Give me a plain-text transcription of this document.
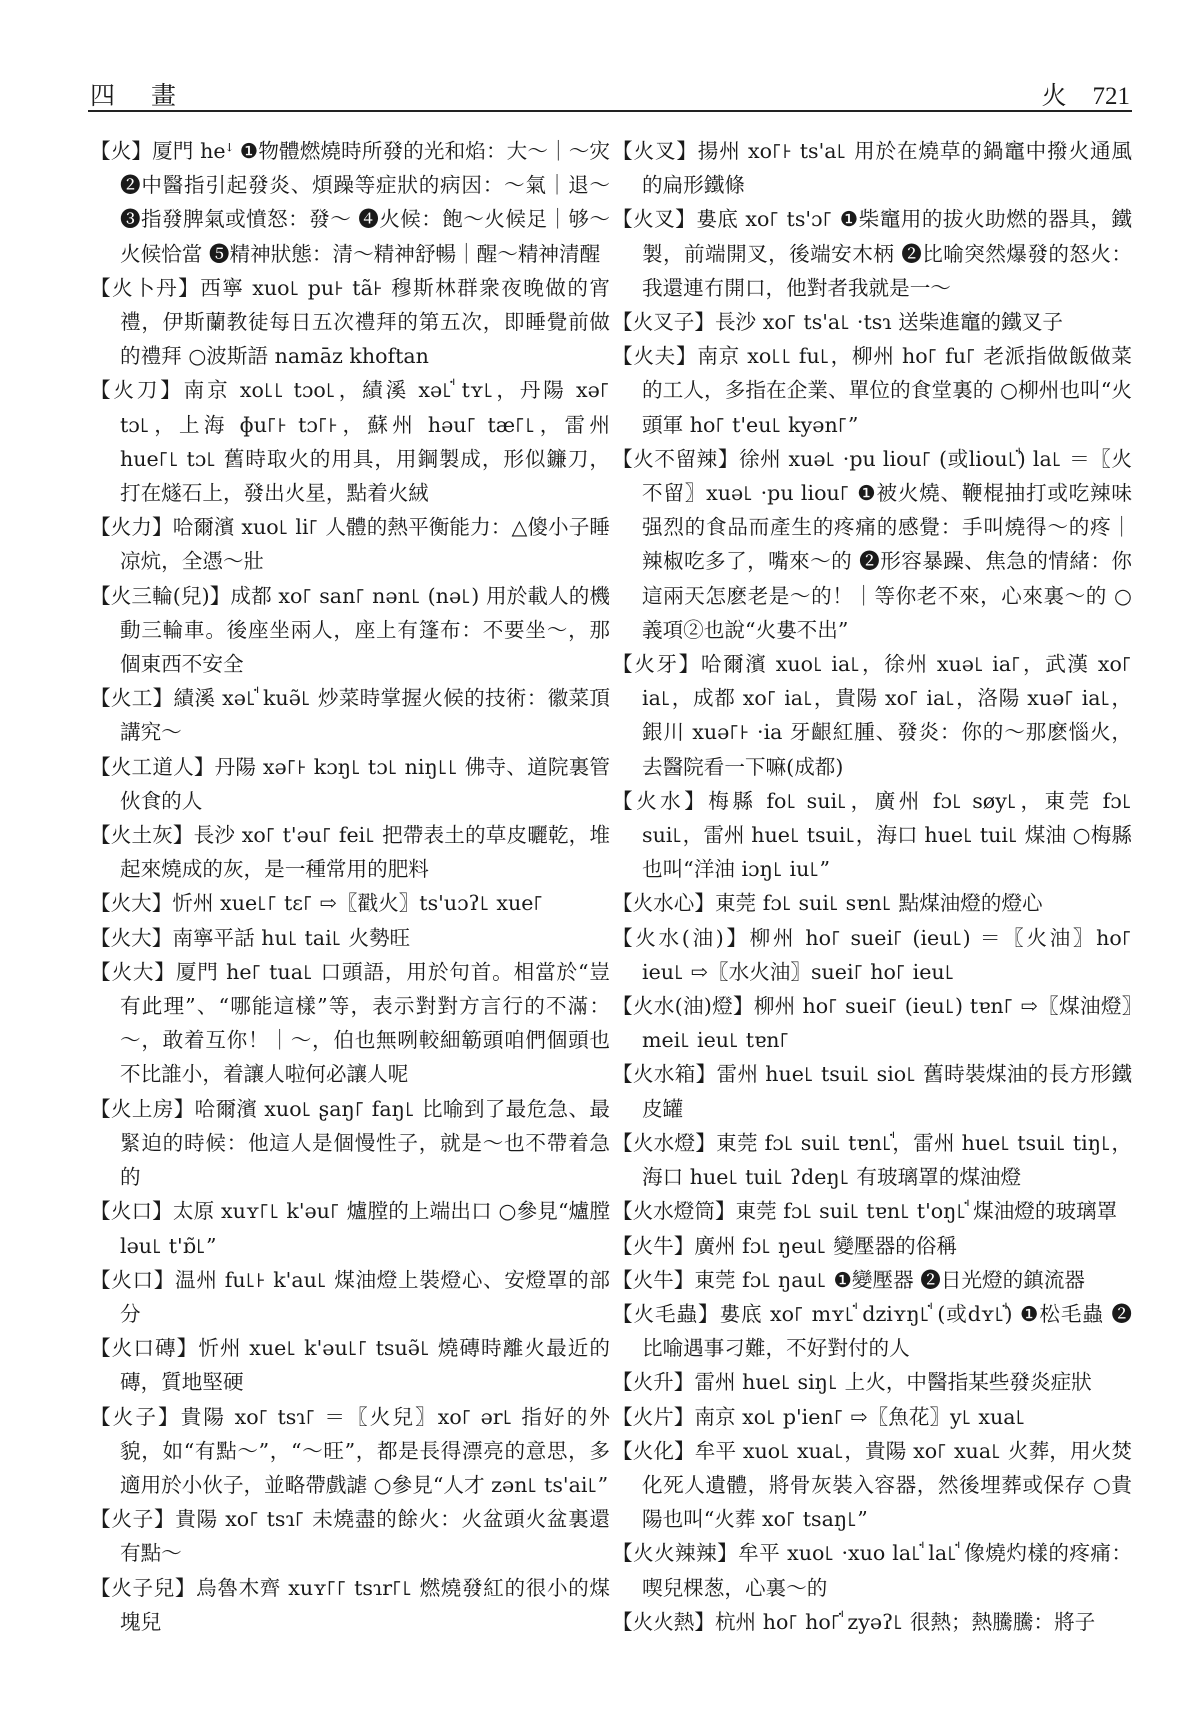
四 畫	火 721

【火】厦門 heꜜ ❶物體燃燒時所發的光和焰：大～｜～灾 ❷中醫指引起發炎、煩躁等症狀的病因：～氣｜退～ ❸指發脾氣或憤怒：發～ ❹火候：飽～火候足｜够～火候恰當 ❺精神狀態：清～精神舒暢｜醒～精神清醒

【火卜丹】西寧 xuo꜖ pu꜔ tã꜔ 穆斯林群衆夜晚做的宵禮，伊斯蘭教徒每日五次禮拜的第五次，即睡覺前做的禮拜 ○波斯語 namāz khoftan

【火刀】南京 xo꜖꜖ tɔo꜖，績溪 xə꜖ꜗ tʏ꜖，丹陽 xə꜒ tɔ꜖，上海 ɸu꜒꜔ tɔ꜒꜔，蘇州 həu꜒ tæ꜒꜖，雷州 hue꜒꜖ tɔ꜖ 舊時取火的用具，用鋼製成，形似鐮刀，打在燧石上，發出火星，點着火絨

【火力】哈爾濱 xuo꜖ li꜒ 人體的熱平衡能力：△傻小子睡凉炕，全憑～壯

【火三輪(兒)】成都 xo꜒ san꜒ nən꜖ (nə꜖) 用於載人的機動三輪車。後座坐兩人，座上有篷布：不要坐～，那個東西不安全

【火工】績溪 xə꜖ꜗ kuə̃꜖ 炒菜時掌握火候的技術：徽菜頂講究～

【火工道人】丹陽 xə꜒꜔ kɔŋ꜖ tɔ꜖ niŋ꜖꜖ 佛寺、道院裏管伙食的人

【火土灰】長沙 xo꜒ t'əu꜒ fei꜖ 把帶表土的草皮曬乾，堆起來燒成的灰，是一種常用的肥料

【火大】忻州 xue꜖꜒ tɛ꜒ ⇨〖戳火〗ts'uɔʔ꜖ xue꜒

【火大】南寧平話 hu꜖ tai꜖ 火勢旺

【火大】厦門 he꜒ tua꜖ 口頭語，用於句首。相當於“豈有此理”、“哪能這樣”等，表示對對方言行的不滿：～，敢着互你！｜～，伯也無咧較細簕頭咱們個頭也不比誰小，着讓人啦何必讓人呢

【火上房】哈爾濱 xuo꜖ ʂaŋ꜒ faŋ꜖ 比喻到了最危急、最緊迫的時候：他這人是個慢性子，就是～也不帶着急的

【火口】太原 xuʏ꜒꜖ k'əu꜒ 爐膛的上端出口 ○參見“爐膛 ləu꜖ t'ɒ̃꜖”

【火口】温州 fu꜖꜔ k'au꜖ 煤油燈上裝燈心、安燈罩的部分

【火口磚】忻州 xue꜖ k'əu꜖꜒ tsuə̃꜖ 燒磚時離火最近的磚，質地堅硬

【火子】貴陽 xo꜒ tsɿ꜒ ＝〖火兒〗xo꜒ ər꜖ 指好的外貌，如“有點～”，“～旺”，都是長得漂亮的意思，多適用於小伙子，並略帶戲謔 ○參見“人才 zən꜖ ts'ai꜖”

【火子】貴陽 xo꜒ tsɿ꜒ 未燒盡的餘火：火盆頭火盆裏還有點～

【火子兒】烏魯木齊 xuʏ꜒꜒ tsɿr꜒꜖ 燃燒發紅的很小的煤塊兒

【火叉】揚州 xo꜒꜔ ts'a꜖ 用於在燒草的鍋竈中撥火通風的扁形鐵條

【火叉】婁底 xo꜒ ts'ɔ꜒ ❶柴竈用的拔火助燃的器具，鐵製，前端開叉，後端安木柄 ❷比喻突然爆發的怒火：我還連冇開口，他對者我就是一～

【火叉子】長沙 xo꜒ ts'a꜖ ·tsɿ 送柴進竈的鐵叉子

【火夫】南京 xo꜖꜖ fu꜖，柳州 ho꜒ fu꜒ 老派指做飯做菜的工人，多指在企業、單位的食堂裏的 ○柳州也叫“火頭軍 ho꜒ t'eu꜖ kyən꜒”

【火不留辣】徐州 xuə꜖ ·pu liou꜒ (或liou꜖ꜗ) la꜖ ＝〖火不留〗xuə꜖ ·pu liou꜒ ❶被火燒、鞭棍抽打或吃辣味强烈的食品而產生的疼痛的感覺：手叫燒得～的疼｜辣椒吃多了，嘴來～的 ❷形容暴躁、焦急的情緒：你這兩天怎麽老是～的！｜等你老不來，心來裏～的 ○義項②也說“火婁不出”

【火牙】哈爾濱 xuo꜖ ia꜖，徐州 xuə꜖ ia꜒，武漢 xo꜒ ia꜖，成都 xo꜒ ia꜖，貴陽 xo꜒ ia꜖，洛陽 xuə꜒ ia꜖，銀川 xuə꜒꜔ ·ia 牙齦紅腫、發炎：你的～那麽惱火，去醫院看一下嘛(成都)

【火水】梅縣 fo꜖ sui꜖，廣州 fɔ꜖ søy꜖，東莞 fɔ꜖ sui꜖，雷州 hue꜖ tsui꜖，海口 hue꜖ tui꜖ 煤油 ○梅縣也叫“洋油 iɔŋ꜖ iu꜖”

【火水心】東莞 fɔ꜖ sui꜖ sɐn꜖ 點煤油燈的燈心

【火水(油)】柳州 ho꜒ suei꜒ (ieu꜖) ＝〖火油〗ho꜒ ieu꜖ ⇨〖水火油〗suei꜒ ho꜒ ieu꜖

【火水(油)燈】柳州 ho꜒ suei꜒ (ieu꜖) tɐn꜒ ⇨〖煤油燈〗mei꜖ ieu꜖ tɐn꜒

【火水箱】雷州 hue꜖ tsui꜖ sio꜖ 舊時裝煤油的長方形鐵皮罐

【火水燈】東莞 fɔ꜖ sui꜖ tɐn꜖ꜗ，雷州 hue꜖ tsui꜖ tiŋ꜖，海口 hue꜖ tui꜖ ʔdeŋ꜖ 有玻璃罩的煤油燈

【火水燈筒】東莞 fɔ꜖ sui꜖ tɐn꜖ t'oŋ꜖ꜗ 煤油燈的玻璃罩

【火牛】廣州 fɔ꜖ ŋeu꜖ 變壓器的俗稱

【火牛】東莞 fɔ꜖ ŋau꜖ ❶變壓器 ❷日光燈的鎮流器

【火毛蟲】婁底 xo꜒ mʏ꜖ꜗ dziʏŋ꜖ꜗ (或dʏ꜖ꜗ) ❶松毛蟲 ❷比喻遇事刁難，不好對付的人

【火升】雷州 hue꜖ siŋ꜖ 上火，中醫指某些發炎症狀

【火片】南京 xo꜖ p'ien꜒ ⇨〖魚花〗y꜖ xua꜖

【火化】牟平 xuo꜖ xua꜖，貴陽 xo꜒ xua꜖ 火葬，用火焚化死人遺體，將骨灰裝入容器，然後埋葬或保存 ○貴陽也叫“火葬 xo꜒ tsaŋ꜖”

【火火辣辣】牟平 xuo꜖ ·xuo la꜖ꜗ la꜖ꜗ 像燒灼樣的疼痛：喫兒棵葱，心裏～的

【火火熱】杭州 ho꜒ ho꜒ꜗ zyəʔ꜖ 很熱；熱騰騰：將子
